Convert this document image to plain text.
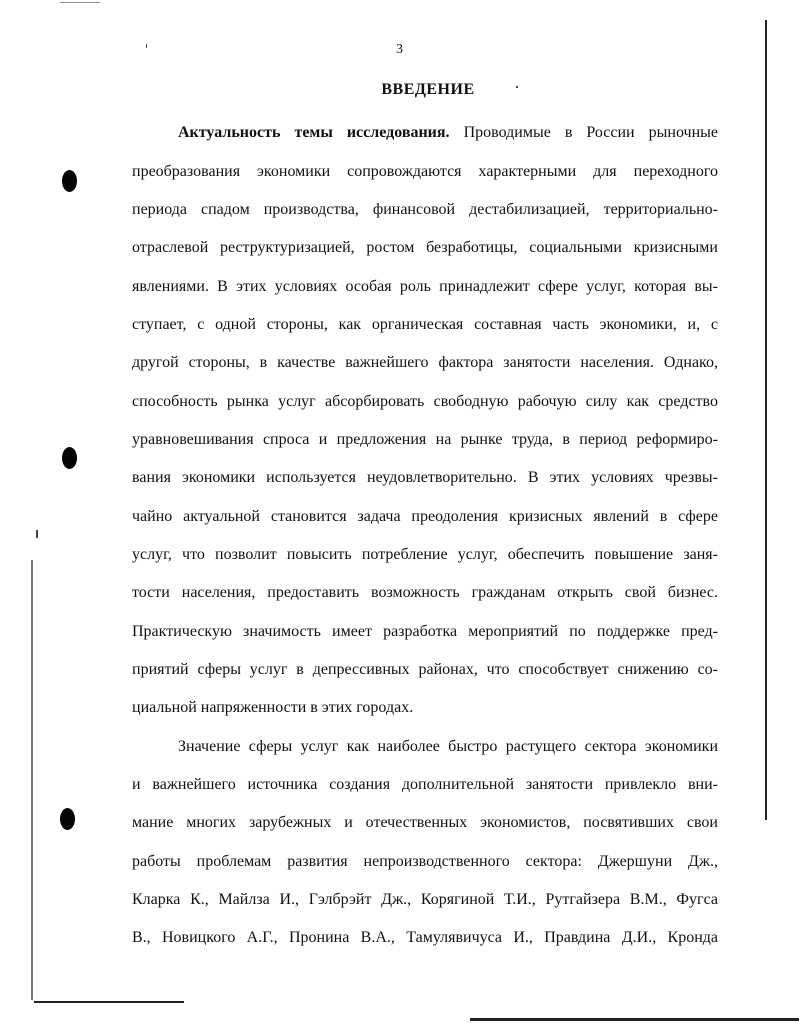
3
ВВЕДЕНИЕ
Актуальность темы исследования. Проводимые в России рыночные
преобразования экономики сопровождаются характерными для переходного
периода спадом производства, финансовой дестабилизацией, территориально-
отраслевой реструктуризацией, ростом безработицы, социальными кризисными
явлениями. В этих условиях особая роль принадлежит сфере услуг, которая вы-
ступает, с одной стороны, как органическая составная часть экономики, и, с
другой стороны, в качестве важнейшего фактора занятости населения. Однако,
способность рынка услуг абсорбировать свободную рабочую силу как средство
уравновешивания спроса и предложения на рынке труда, в период реформиро-
вания экономики используется неудовлетворительно. В этих условиях чрезвы-
чайно актуальной становится задача преодоления кризисных явлений в сфере
услуг, что позволит повысить потребление услуг, обеспечить повышение заня-
тости населения, предоставить возможность гражданам открыть свой бизнес.
Практическую значимость имеет разработка мероприятий по поддержке пред-
приятий сферы услуг в депрессивных районах, что способствует снижению со-
циальной напряженности в этих городах.
Значение сферы услуг как наиболее быстро растущего сектора экономики
и важнейшего источника создания дополнительной занятости привлекло вни-
мание многих зарубежных и отечественных экономистов, посвятивших свои
работы проблемам развития непроизводственного сектора: Джершуни Дж.,
Кларка К., Майлза И., Гэлбрэйт Дж., Корягиной Т.И., Рутгайзера В.М., Фугса
В., Новицкого А.Г., Пронина В.А., Тамулявичуса И., Правдина Д.И., Кронда
